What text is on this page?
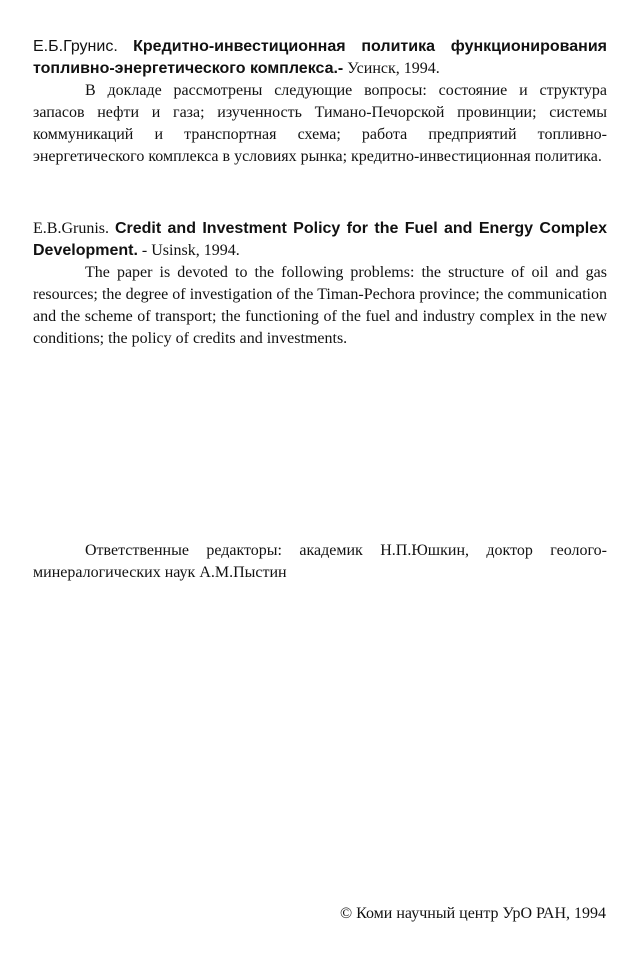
Е.Б.Грунис. Кредитно-инвестиционная политика функционирования топливно-энергетического комплекса.- Усинск, 1994.

В докладе рассмотрены следующие вопросы: состояние и структура запасов нефти и газа; изученность Тимано-Печорской провинции; системы коммуникаций и транспортная схема; работа предприятий топливно-энергетического комплекса в условиях рынка; кредитно-инвестиционная политика.

E.B.Grunis. Credit and Investment Policy for the Fuel and Energy Complex Development. - Usinsk, 1994.

The paper is devoted to the following problems: the structure of oil and gas resources; the degree of investigation of the Timan-Pechora province; the communication and the scheme of transport; the functioning of the fuel and industry complex in the new conditions; the policy of credits and investments.

Ответственные редакторы: академик Н.П.Юшкин, доктор геолого-минералогических наук А.М.Пыстин

© Коми научный центр УрО РАН, 1994
